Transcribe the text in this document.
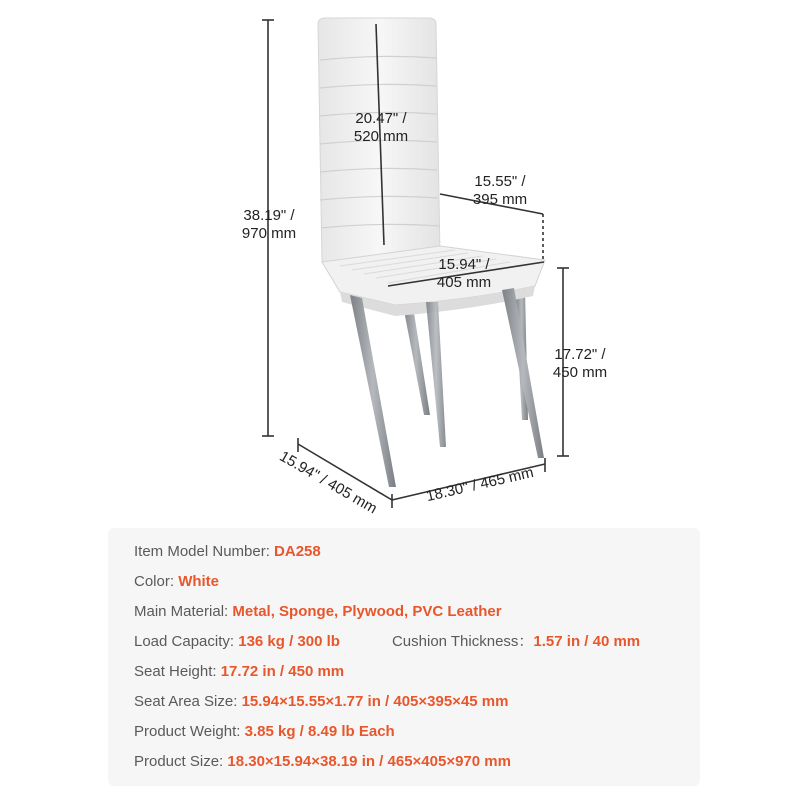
20.47" /
520 mm
38.19" /
970 mm
15.55" /
395 mm
15.94" /
405 mm
17.72" /
450 mm
15.94" / 405 mm	18.30" / 465 mm
Item Model Number: DA258
Color: White
Main Material: Metal, Sponge, Plywood, PVC Leather
Load Capacity: 136 kg / 300 lb	Cushion Thickness：1.57 in / 40 mm
Seat Height: 17.72 in / 450 mm
Seat Area Size: 15.94×15.55×1.77 in / 405×395×45 mm
Product Weight: 3.85 kg / 8.49 lb Each
Product Size: 18.30×15.94×38.19 in / 465×405×970 mm
